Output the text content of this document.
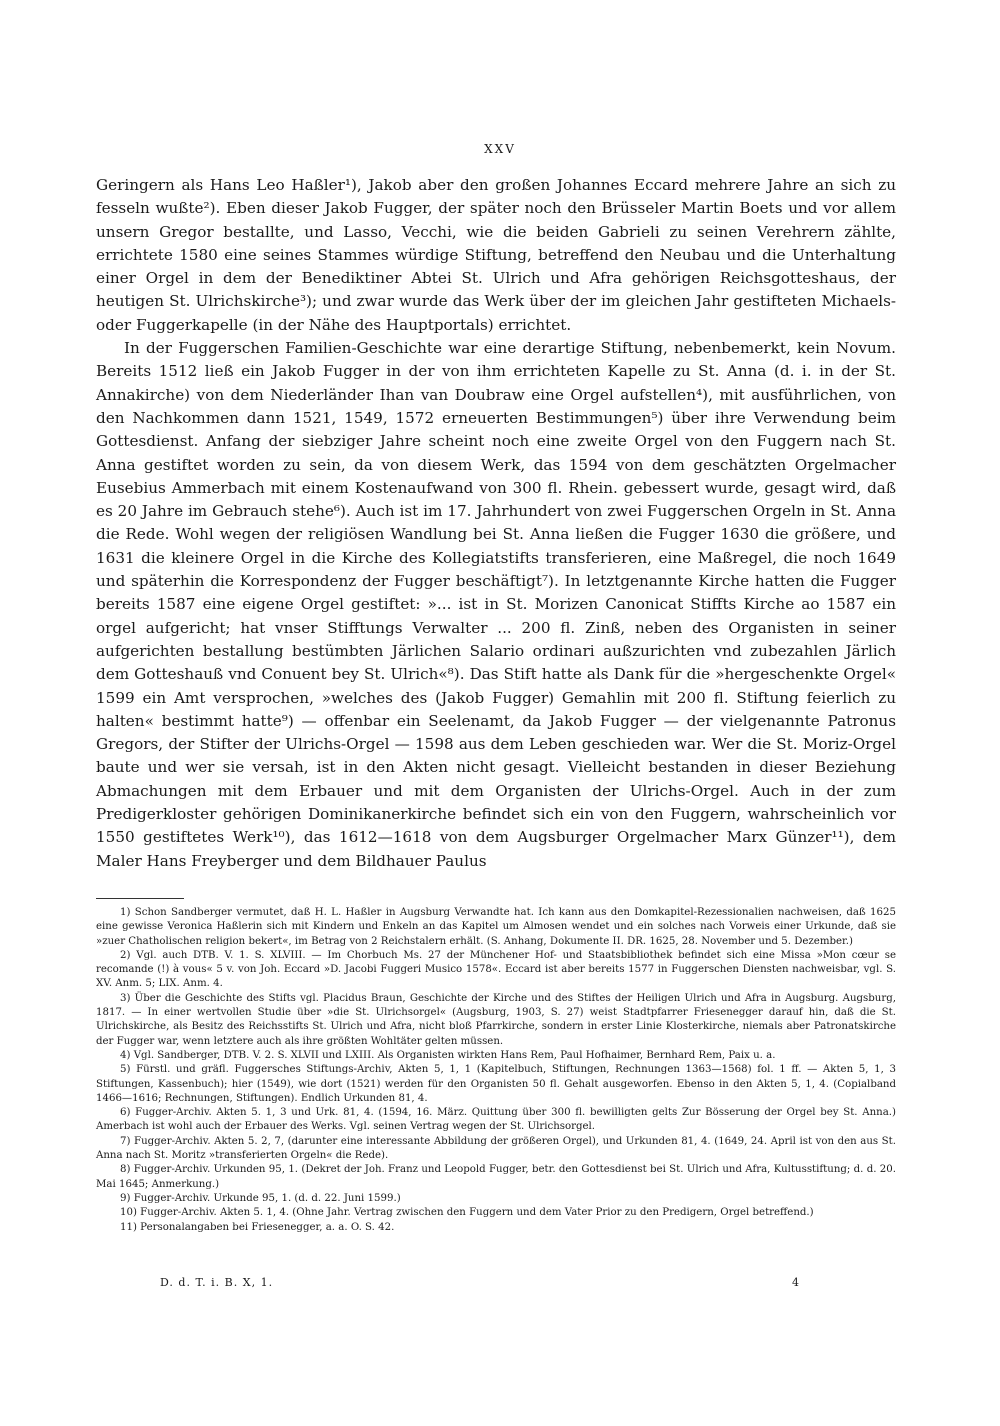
XXV

Geringern als Hans Leo Haßler¹), Jakob aber den großen Johannes Eccard mehrere Jahre an sich zu fesseln wußte²). Eben dieser Jakob Fugger, der später noch den Brüsseler Martin Boets und vor allem unsern Gregor bestallte, und Lasso, Vecchi, wie die beiden Gabrieli zu seinen Verehrern zählte, errichtete 1580 eine seines Stammes würdige Stiftung, betreffend den Neubau und die Unterhaltung einer Orgel in dem der Benediktiner Abtei St. Ulrich und Afra gehörigen Reichsgotteshaus, der heutigen St. Ulrichskirche³); und zwar wurde das Werk über der im gleichen Jahr gestifteten Michaels- oder Fuggerkapelle (in der Nähe des Hauptportals) errichtet.

In der Fuggerschen Familien-Geschichte war eine derartige Stiftung, nebenbemerkt, kein Novum. Bereits 1512 ließ ein Jakob Fugger in der von ihm errichteten Kapelle zu St. Anna (d. i. in der St. Annakirche) von dem Niederländer Ihan van Doubraw eine Orgel aufstellen⁴), mit ausführlichen, von den Nachkommen dann 1521, 1549, 1572 erneuerten Bestimmungen⁵) über ihre Verwendung beim Gottesdienst. Anfang der siebziger Jahre scheint noch eine zweite Orgel von den Fuggern nach St. Anna gestiftet worden zu sein, da von diesem Werk, das 1594 von dem geschätzten Orgelmacher Eusebius Ammerbach mit einem Kostenaufwand von 300 fl. Rhein. gebessert wurde, gesagt wird, daß es 20 Jahre im Gebrauch stehe⁶). Auch ist im 17. Jahrhundert von zwei Fuggerschen Orgeln in St. Anna die Rede. Wohl wegen der religiösen Wandlung bei St. Anna ließen die Fugger 1630 die größere, und 1631 die kleinere Orgel in die Kirche des Kollegiatstifts transferieren, eine Maßregel, die noch 1649 und späterhin die Korrespondenz der Fugger beschäftigt⁷). In letztgenannte Kirche hatten die Fugger bereits 1587 eine eigene Orgel gestiftet: »... ist in St. Morizen Canonicat Stiffts Kirche ao 1587 ein orgel aufgericht; hat vnser Stifftungs Verwalter ... 200 fl. Zinß, neben des Organisten in seiner aufgerichten bestallung bestümbten Järlichen Salario ordinari außzurichten vnd zubezahlen Järlich dem Gotteshauß vnd Conuent bey St. Ulrich«⁸). Das Stift hatte als Dank für die »hergeschenkte Orgel« 1599 ein Amt versprochen, »welches des (Jakob Fugger) Gemahlin mit 200 fl. Stiftung feierlich zu halten« bestimmt hatte⁹) — offenbar ein Seelenamt, da Jakob Fugger — der vielgenannte Patronus Gregors, der Stifter der Ulrichs-Orgel — 1598 aus dem Leben geschieden war. Wer die St. Moriz-Orgel baute und wer sie versah, ist in den Akten nicht gesagt. Vielleicht bestanden in dieser Beziehung Abmachungen mit dem Erbauer und mit dem Organisten der Ulrichs-Orgel. Auch in der zum Predigerkloster gehörigen Dominikanerkirche befindet sich ein von den Fuggern, wahrscheinlich vor 1550 gestiftetes Werk¹⁰), das 1612—1618 von dem Augsburger Orgelmacher Marx Günzer¹¹), dem Maler Hans Freyberger und dem Bildhauer Paulus

1) Schon Sandberger vermutet, daß H. L. Haßler in Augsburg Verwandte hat. Ich kann aus den Domkapitel-Rezessionalien nachweisen, daß 1625 eine gewisse Veronica Haßlerin sich mit Kindern und Enkeln an das Kapitel um Almosen wendet und ein solches nach Vorweis einer Urkunde, daß sie »zuer Chatholischen religion bekert«, im Betrag von 2 Reichstalern erhält. (S. Anhang, Dokumente II. DR. 1625, 28. November und 5. Dezember.)

2) Vgl. auch DTB. V. 1. S. XLVIII. — Im Chorbuch Ms. 27 der Münchener Hof- und Staatsbibliothek befindet sich eine Missa »Mon cœur se recomande (!) à vous« 5 v. von Joh. Eccard »D. Jacobi Fuggeri Musico 1578«. Eccard ist aber bereits 1577 in Fuggerschen Diensten nachweisbar, vgl. S. XV. Anm. 5; LIX. Anm. 4.

3) Über die Geschichte des Stifts vgl. Placidus Braun, Geschichte der Kirche und des Stiftes der Heiligen Ulrich und Afra in Augsburg. Augsburg, 1817. — In einer wertvollen Studie über »die St. Ulrichsorgel« (Augsburg, 1903, S. 27) weist Stadtpfarrer Friesenegger darauf hin, daß die St. Ulrichskirche, als Besitz des Reichsstifts St. Ulrich und Afra, nicht bloß Pfarrkirche, sondern in erster Linie Klosterkirche, niemals aber Patronatskirche der Fugger war, wenn letztere auch als ihre größten Wohltäter gelten müssen.

4) Vgl. Sandberger, DTB. V. 2. S. XLVII und LXIII. Als Organisten wirkten Hans Rem, Paul Hofhaimer, Bernhard Rem, Paix u. a.

5) Fürstl. und gräfl. Fuggersches Stiftungs-Archiv, Akten 5, 1, 1 (Kapitelbuch, Stiftungen, Rechnungen 1363—1568) fol. 1 ff. — Akten 5, 1, 3 Stiftungen, Kassenbuch); hier (1549), wie dort (1521) werden für den Organisten 50 fl. Gehalt ausgeworfen. Ebenso in den Akten 5, 1, 4. (Copialband 1466—1616; Rechnungen, Stiftungen). Endlich Urkunden 81, 4.

6) Fugger-Archiv. Akten 5. 1, 3 und Urk. 81, 4. (1594, 16. März. Quittung über 300 fl. bewilligten gelts Zur Bösserung der Orgel bey St. Anna.) Amerbach ist wohl auch der Erbauer des Werks. Vgl. seinen Vertrag wegen der St. Ulrichsorgel.

7) Fugger-Archiv. Akten 5. 2, 7, (darunter eine interessante Abbildung der größeren Orgel), und Urkunden 81, 4. (1649, 24. April ist von den aus St. Anna nach St. Moritz »transferierten Orgeln« die Rede).

8) Fugger-Archiv. Urkunden 95, 1. (Dekret der Joh. Franz und Leopold Fugger, betr. den Gottesdienst bei St. Ulrich und Afra, Kultusstiftung; d. d. 20. Mai 1645; Anmerkung.)

9) Fugger-Archiv. Urkunde 95, 1. (d. d. 22. Juni 1599.)

10) Fugger-Archiv. Akten 5. 1, 4. (Ohne Jahr. Vertrag zwischen den Fuggern und dem Vater Prior zu den Predigern, Orgel betreffend.)

11) Personalangaben bei Friesenegger, a. a. O. S. 42.

D. d. T. i. B. X, 1.	4
